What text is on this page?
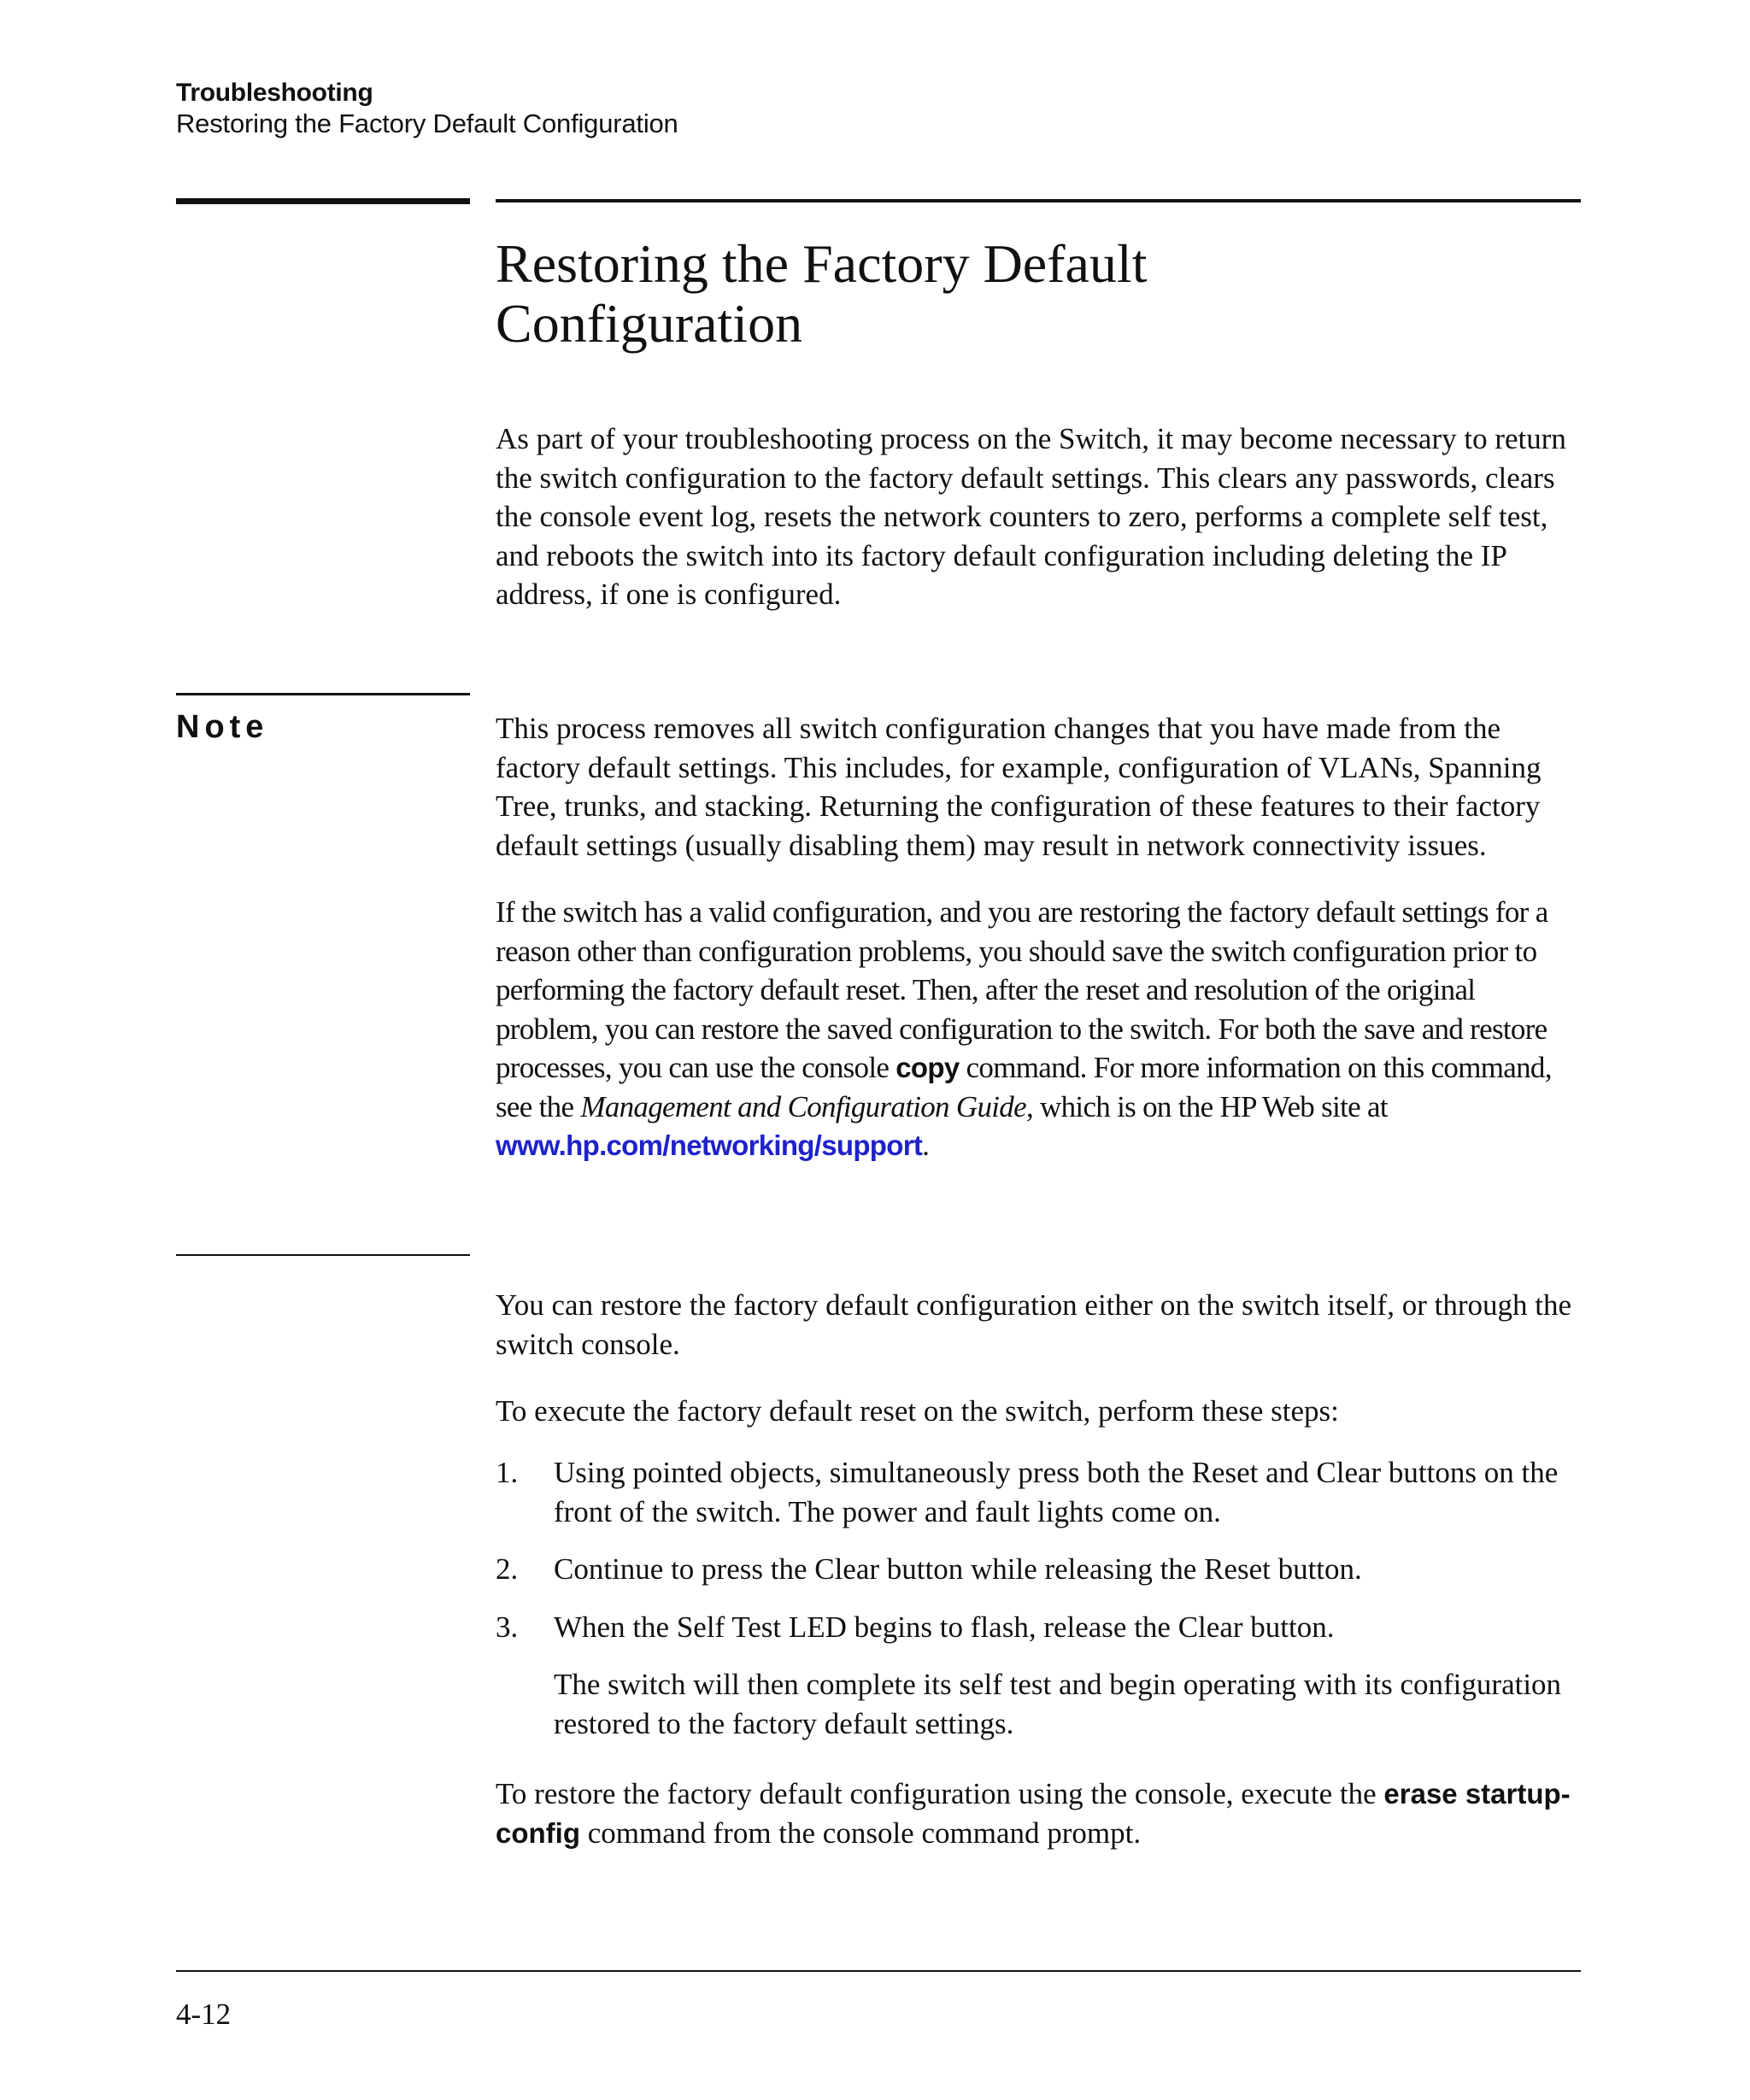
Troubleshooting
Restoring the Factory Default Configuration
Restoring the Factory Default
Configuration

As part of your troubleshooting process on the Switch, it may become necessary to return the switch configuration to the factory default settings. This clears any passwords, clears the console event log, resets the network counters to zero, performs a complete self test, and reboots the switch into its factory default configuration including deleting the IP address, if one is configured.

Note	This process removes all switch configuration changes that you have made from the factory default settings. This includes, for example, configuration of VLANs, Spanning Tree, trunks, and stacking. Returning the configuration of these features to their factory default settings (usually disabling them) may result in network connectivity issues.

If the switch has a valid configuration, and you are restoring the factory default settings for a reason other than configuration problems, you should save the switch configuration prior to performing the factory default reset. Then, after the reset and resolution of the original problem, you can restore the saved configuration to the switch. For both the save and restore processes, you can use the console copy command. For more information on this command, see the Management and Configuration Guide, which is on the HP Web site at www.hp.com/networking/support.

You can restore the factory default configuration either on the switch itself, or through the switch console.

To execute the factory default reset on the switch, perform these steps:

1. Using pointed objects, simultaneously press both the Reset and Clear buttons on the front of the switch. The power and fault lights come on.
2. Continue to press the Clear button while releasing the Reset button.
3. When the Self Test LED begins to flash, release the Clear button.
The switch will then complete its self test and begin operating with its configuration restored to the factory default settings.

To restore the factory default configuration using the console, execute the erase startup-config command from the console command prompt.

4-12
